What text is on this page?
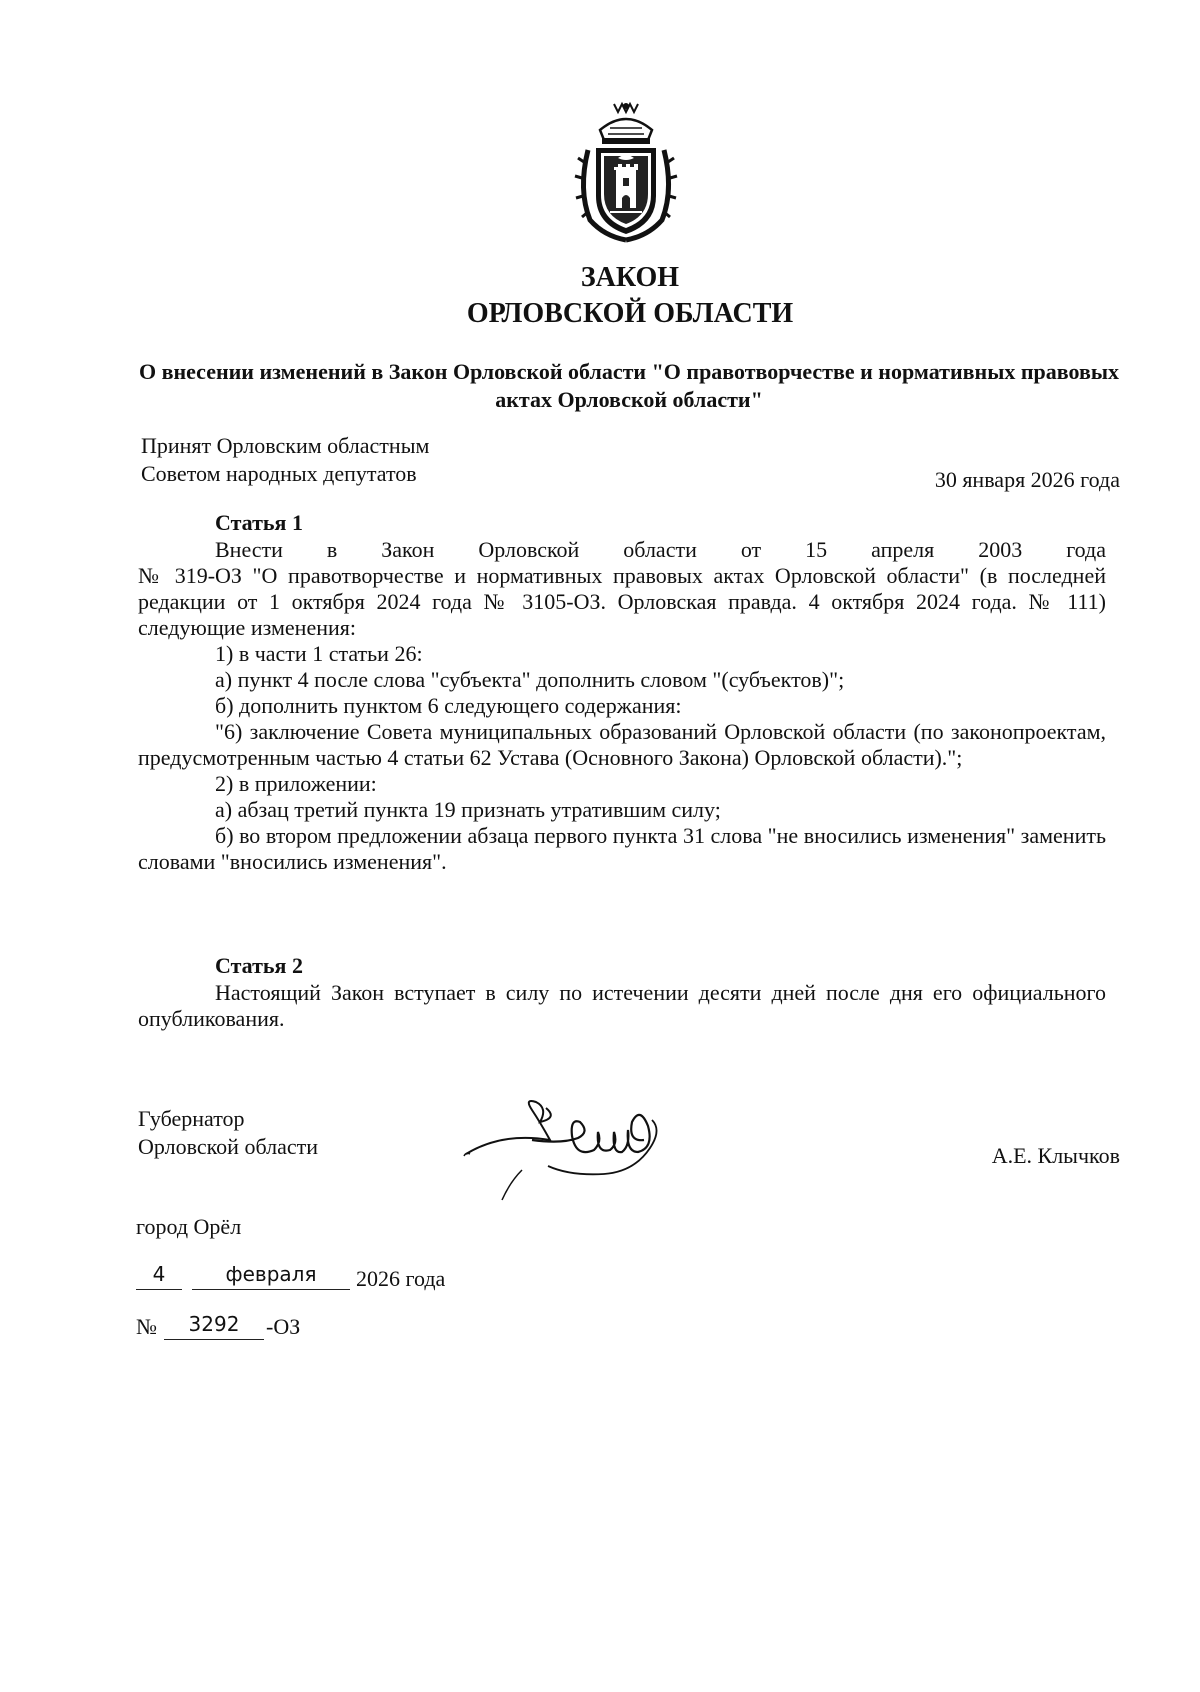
ЗАКОН
ОРЛОВСКОЙ ОБЛАСТИ
О внесении изменений в Закон Орловской области "О правотворчестве и нормативных правовых актах Орловской области"
Принят Орловским областным
Советом народных депутатов	30 января 2026 года
Статья 1

Внести в Закон Орловской области от 15 апреля 2003 года

№ 319-ОЗ "О правотворчестве и нормативных правовых актах Орловской области" (в последней редакции от 1 октября 2024 года № 3105-ОЗ. Орловская правда. 4 октября 2024 года. № 111) следующие изменения:

1) в части 1 статьи 26:

а) пункт 4 после слова "субъекта" дополнить словом "(субъектов)";

б) дополнить пунктом 6 следующего содержания:

"6) заключение Совета муниципальных образований Орловской области (по законопроектам, предусмотренным частью 4 статьи 62 Устава (Основного Закона) Орловской области).";

2) в приложении:

а) абзац третий пункта 19 признать утратившим силу;

б) во втором предложении абзаца первого пункта 31 слова "не вносились изменения" заменить словами "вносились изменения".

Статья 2

Настоящий Закон вступает в силу по истечении десяти дней после дня его официального опубликования.

Губернатор
Орловской области	А.Е. Клычков
город Орёл
4	февраля	2026 года
№	3292	-ОЗ
